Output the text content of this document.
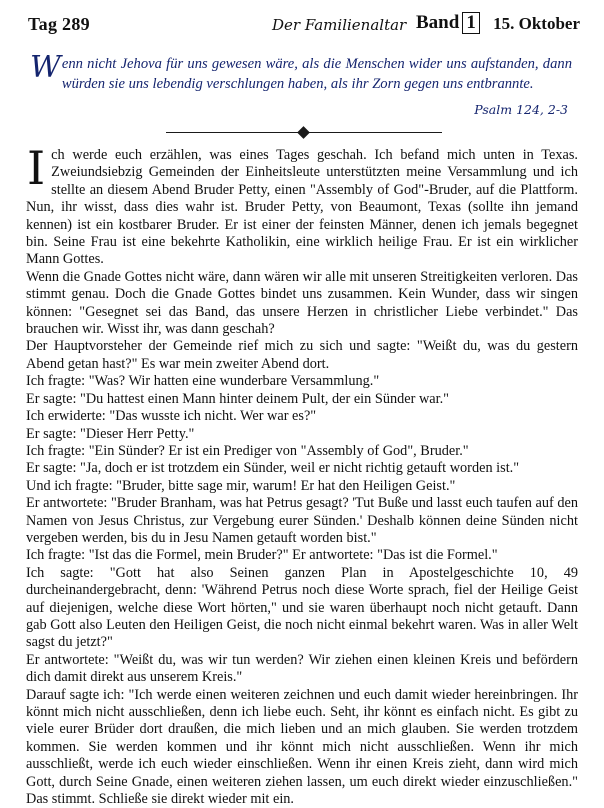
Tag 289	Der Familienaltar Band 1 15. Oktober
Wenn nicht Jehova für uns gewesen wäre, als die Menschen wider uns aufstanden, dann würden sie uns lebendig verschlungen haben, als ihr Zorn gegen uns entbrannte.
Psalm 124, 2-3

Ich werde euch erzählen, was eines Tages geschah. Ich befand mich unten in Texas. Zweiundsiebzig Gemeinden der Einheitsleute unterstützten meine Versammlung und ich stellte an diesem Abend Bruder Petty, einen "Assembly of God"-Bruder, auf die Plattform. Nun, ihr wisst, dass dies wahr ist. Bruder Petty, von Beaumont, Texas (sollte ihn jemand kennen) ist ein kostbarer Bruder. Er ist einer der feinsten Männer, denen ich jemals begegnet bin. Seine Frau ist eine bekehrte Katholikin, eine wirklich heilige Frau. Er ist ein wirklicher Mann Gottes.

Wenn die Gnade Gottes nicht wäre, dann wären wir alle mit unseren Streitigkeiten verloren. Das stimmt genau. Doch die Gnade Gottes bindet uns zusammen. Kein Wunder, dass wir singen können: "Gesegnet sei das Band, das unsere Herzen in christlicher Liebe verbindet." Das brauchen wir. Wisst ihr, was dann geschah?

Der Hauptvorsteher der Gemeinde rief mich zu sich und sagte: "Weißt du, was du gestern Abend getan hast?" Es war mein zweiter Abend dort.

Ich fragte: "Was? Wir hatten eine wunderbare Versammlung."

Er sagte: "Du hattest einen Mann hinter deinem Pult, der ein Sünder war."

Ich erwiderte: "Das wusste ich nicht. Wer war es?"

Er sagte: "Dieser Herr Petty."

Ich fragte: "Ein Sünder? Er ist ein Prediger von "Assembly of God", Bruder."

Er sagte: "Ja, doch er ist trotzdem ein Sünder, weil er nicht richtig getauft worden ist."

Und ich fragte: "Bruder, bitte sage mir, warum! Er hat den Heiligen Geist."

Er antwortete: "Bruder Branham, was hat Petrus gesagt? 'Tut Buße und lasst euch taufen auf den Namen von Jesus Christus, zur Vergebung eurer Sünden.' Deshalb können deine Sünden nicht vergeben werden, bis du in Jesu Namen getauft worden bist."

Ich fragte: "Ist das die Formel, mein Bruder?" Er antwortete: "Das ist die Formel."

Ich sagte: "Gott hat also Seinen ganzen Plan in Apostelgeschichte 10, 49 durcheinandergebracht, denn: 'Während Petrus noch diese Worte sprach, fiel der Heilige Geist auf diejenigen, welche diese Wort hörten," und sie waren überhaupt noch nicht getauft. Dann gab Gott also Leuten den Heiligen Geist, die noch nicht einmal bekehrt waren. Was in aller Welt sagst du jetzt?"

Er antwortete: "Weißt du, was wir tun werden? Wir ziehen einen kleinen Kreis und befördern dich damit direkt aus unserem Kreis."

Darauf sagte ich: "Ich werde einen weiteren zeichnen und euch damit wieder hereinbringen. Ihr könnt mich nicht ausschließen, denn ich liebe euch. Seht, ihr könnt es einfach nicht. Es gibt zu viele eurer Brüder dort draußen, die mich lieben und an mich glauben. Sie werden trotzdem kommen. Sie werden kommen und ihr könnt mich nicht ausschließen. Wenn ihr mich ausschließt, werde ich euch wieder einschließen. Wenn ihr einen Kreis zieht, dann wird mich Gott, durch Seine Gnade, einen weiteren ziehen lassen, um euch direkt wieder einzuschließen." Das stimmt. Schließe sie direkt wieder mit ein.
